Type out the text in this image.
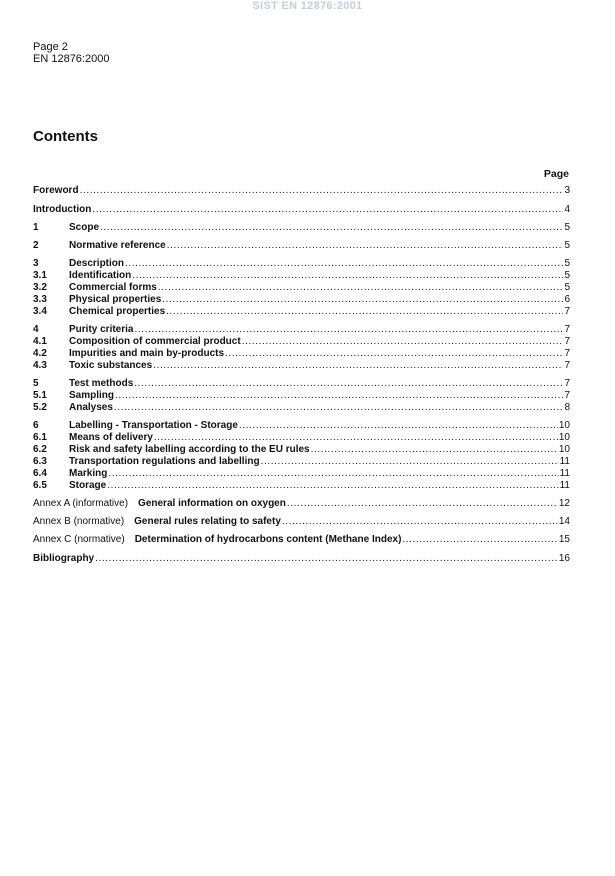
SIST EN 12876:2001
Page 2
EN 12876:2000
Contents
Page
Foreword .....	3
Introduction .....	4
1	Scope .....	5
2	Normative reference .....	5
3	Description .....	5
3.1	Identification .....	5
3.2	Commercial forms .....	5
3.3	Physical properties .....	6
3.4	Chemical properties .....	7
4	Purity criteria .....	7
4.1	Composition of commercial product .....	7
4.2	Impurities and main by-products .....	7
4.3	Toxic substances .....	7
5	Test methods .....	7
5.1	Sampling .....	7
5.2	Analyses .....	8
6	Labelling - Transportation - Storage .....	10
6.1	Means of delivery .....	10
6.2	Risk and safety labelling according to the EU rules .....	10
6.3	Transportation regulations and labelling .....	11
6.4	Marking .....	11
6.5	Storage .....	11
Annex A (informative) General information on oxygen .....	12
Annex B (normative) General rules relating to safety .....	14
Annex C (normative) Determination of hydrocarbons content (Methane Index) .....	15
Bibliography .....	16
